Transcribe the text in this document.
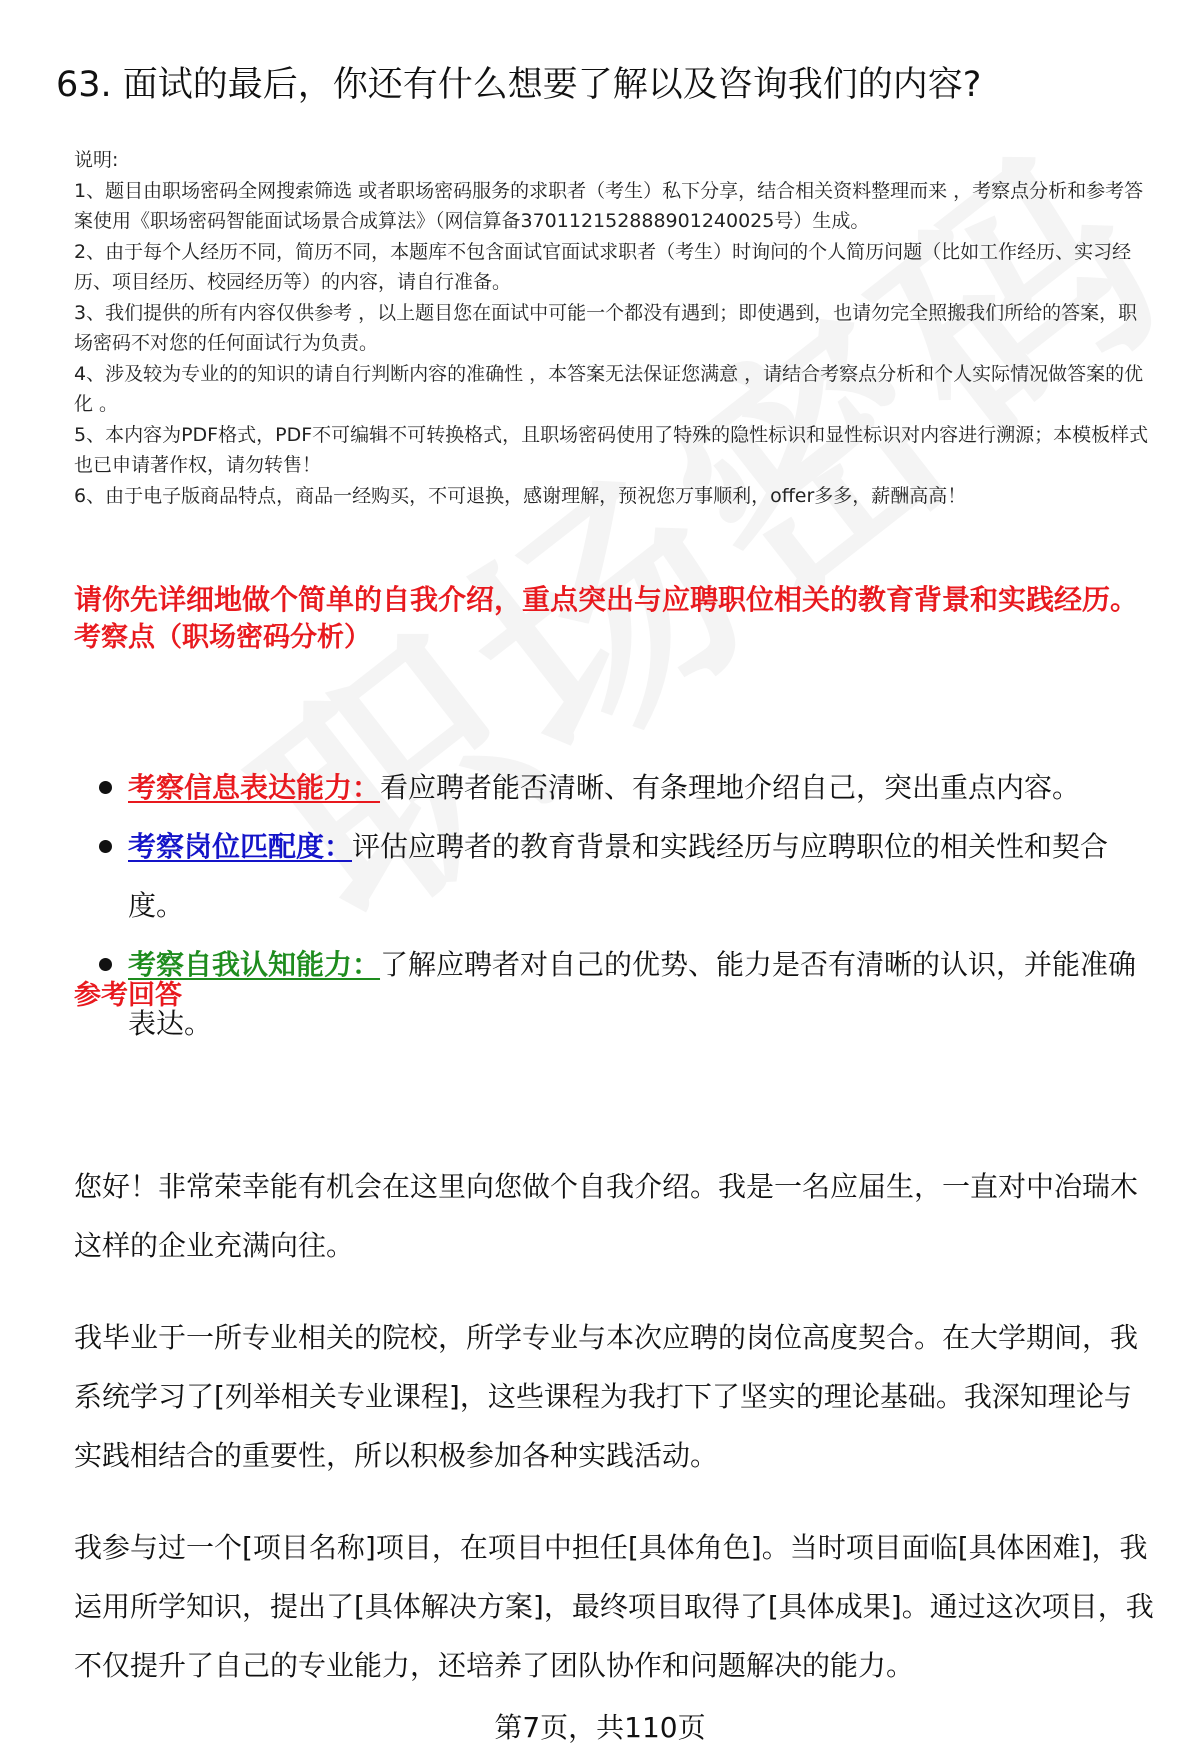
63. 面试的最后，你还有什么想要了解以及咨询我们的内容?

说明:

1、题目由职场密码全网搜索筛选 或者职场密码服务的求职者（考生）私下分享，结合相关资料整理而来 ，考察点分析和参考答案使用《职场密码智能面试场景合成算法》（网信算备370112152888901240025号）生成。

2、由于每个人经历不同，简历不同，本题库不包含面试官面试求职者（考生）时询问的个人简历问题（比如工作经历、实习经历、项目经历、校园经历等）的内容，请自行准备。

3、我们提供的所有内容仅供参考 ，以上题目您在面试中可能一个都没有遇到；即使遇到，也请勿完全照搬我们所给的答案，职场密码不对您的任何面试行为负责。

4、涉及较为专业的的知识的请自行判断内容的准确性 ，本答案无法保证您满意 ，请结合考察点分析和个人实际情况做答案的优化 。

5、本内容为PDF格式，PDF不可编辑不可转换格式，且职场密码使用了特殊的隐性标识和显性标识对内容进行溯源；本模板样式也已申请著作权，请勿转售！

6、由于电子版商品特点，商品一经购买，不可退换，感谢理解，预祝您万事顺利，offer多多，薪酬高高！

请你先详细地做个简单的自我介绍，重点突出与应聘职位相关的教育背景和实践经历。

考察点（职场密码分析）
考察信息表达能力：看应聘者能否清晰、有条理地介绍自己，突出重点内容。
考察岗位匹配度：评估应聘者的教育背景和实践经历与应聘职位的相关性和契合度。
考察自我认知能力：了解应聘者对自己的优势、能力是否有清晰的认识，并能准确表达。
参考回答

您好！非常荣幸能有机会在这里向您做个自我介绍。我是一名应届生，一直对中冶瑞木这样的企业充满向往。

我毕业于一所专业相关的院校，所学专业与本次应聘的岗位高度契合。在大学期间，我系统学习了[列举相关专业课程]，这些课程为我打下了坚实的理论基础。我深知理论与实践相结合的重要性，所以积极参加各种实践活动。

我参与过一个[项目名称]项目，在项目中担任[具体角色]。当时项目面临[具体困难]，我运用所学知识，提出了[具体解决方案]，最终项目取得了[具体成果]。通过这次项目，我不仅提升了自己的专业能力，还培养了团队协作和问题解决的能力。

第7页，共110页
